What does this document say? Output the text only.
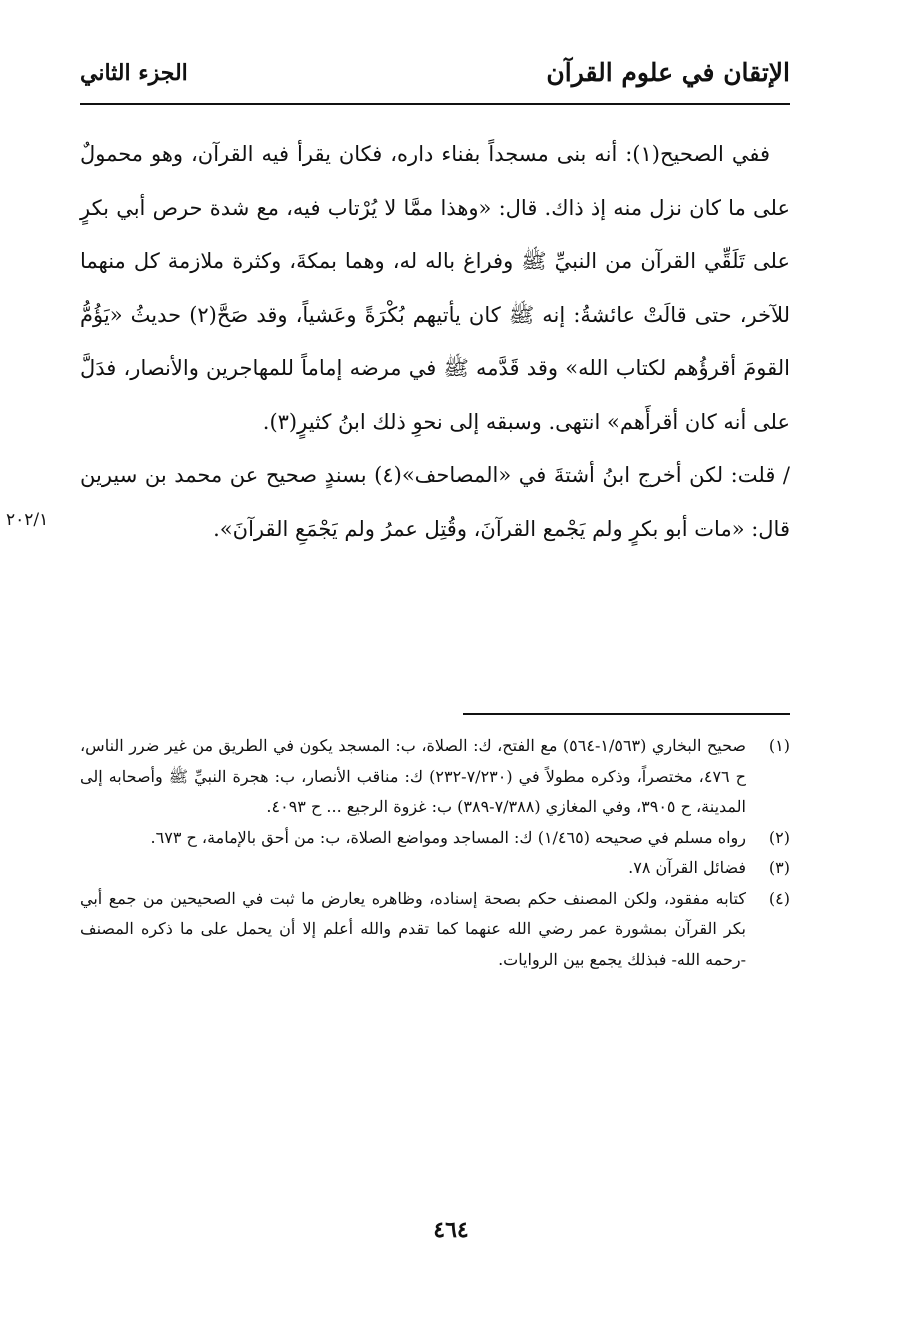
الإتقان في علوم القرآن
الجزء الثاني

ففي الصحيح(١): أنه بنى مسجداً بفناء داره، فكان يقرأ فيه القرآن، وهو محمولٌ على ما كان نزل منه إذ ذاك. قال: «وهذا ممَّا لا يُرْتاب فيه، مع شدة حرص أبي بكرٍ على تَلَقِّي القرآن من النبيِّ ﷺ وفراغ باله له، وهما بمكةَ، وكثرة ملازمة كل منهما للآخر، حتى قالَتْ عائشةُ: إنه ﷺ كان يأتيهم بُكْرَةً وعَشياً، وقد صَحَّ(٢) حديثُ «يَؤُمُّ القومَ أقرؤُهم لكتاب الله» وقد قَدَّمه ﷺ في مرضه إماماً للمهاجرين والأنصار، فدَلَّ على أنه كان أقرأَهم» انتهى. وسبقه إلى نحوِ ذلك ابنُ كثيرٍ(٣).

/ قلت: لكن أخرج ابنُ أشتةَ في «المصاحف»(٤) بسندٍ صحيح عن محمد بن سيرين قال: «مات أبو بكرٍ ولم يَجْمع القرآنَ، وقُتِل عمرُ ولم يَجْمَعِ القرآنَ».

٢٠٢/١

(١)صحيح البخاري (١/٥٦٣-٥٦٤) مع الفتح، ك: الصلاة، ب: المسجد يكون في الطريق من غير ضرر الناس، ح ٤٧٦، مختصراً، وذكره مطولاً في (٧/٢٣٠-٢٣٢) ك: مناقب الأنصار، ب: هجرة النبيِّ ﷺ وأصحابه إلى المدينة، ح ٣٩٠٥، وفي المغازي (٧/٣٨٨-٣٨٩) ب: غزوة الرجيع ... ح ٤٠٩٣.

(٢)رواه مسلم في صحيحه (١/٤٦٥) ك: المساجد ومواضع الصلاة، ب: من أحق بالإمامة، ح ٦٧٣.

(٣)فضائل القرآن ٧٨.

(٤)كتابه مفقود، ولكن المصنف حكم بصحة إسناده، وظاهره يعارض ما ثبت في الصحيحين من جمع أبي بكر القرآن بمشورة عمر رضي الله عنهما كما تقدم والله أعلم إلا أن يحمل على ما ذكره المصنف -رحمه الله- فبذلك يجمع بين الروايات.

٤٦٤
